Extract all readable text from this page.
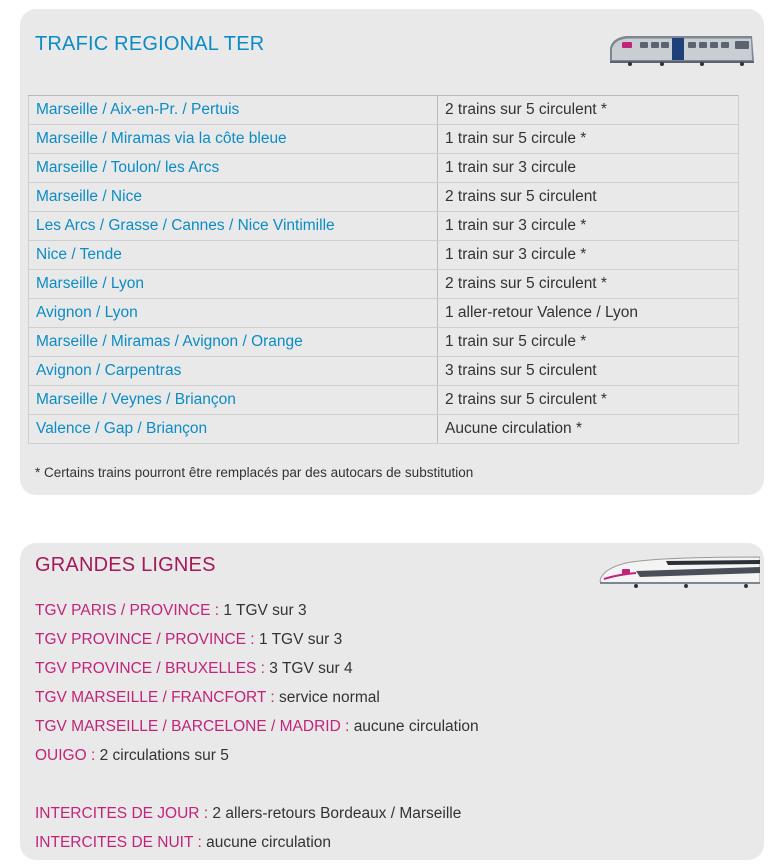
TRAFIC REGIONAL TER
Marseille / Aix-en-Pr. / Pertuis	2 trains sur 5 circulent *
Marseille / Miramas via la côte bleue	1 train sur 5 circule *
Marseille / Toulon/ les Arcs	1 train sur 3 circule
Marseille / Nice	2 trains sur 5 circulent
Les Arcs / Grasse / Cannes / Nice Vintimille	1 train sur 3 circule *
Nice / Tende	1 train sur 3 circule *
Marseille / Lyon	2 trains sur 5 circulent *
Avignon / Lyon	1 aller-retour Valence / Lyon
Marseille / Miramas / Avignon / Orange	1 train sur 5 circule *
Avignon / Carpentras	3 trains sur 5 circulent
Marseille / Veynes / Briançon	2 trains sur 5 circulent *
Valence / Gap / Briançon	Aucune circulation *
* Certains trains pourront être remplacés par des autocars de substitution
GRANDES LIGNES
TGV PARIS / PROVINCE : 1 TGV sur 3
TGV PROVINCE / PROVINCE : 1 TGV sur 3
TGV PROVINCE / BRUXELLES : 3 TGV sur 4
TGV MARSEILLE / FRANCFORT : service normal
TGV MARSEILLE / BARCELONE / MADRID : aucune circulation
OUIGO : 2 circulations sur 5
INTERCITES DE JOUR : 2 allers-retours Bordeaux / Marseille
INTERCITES DE NUIT : aucune circulation
